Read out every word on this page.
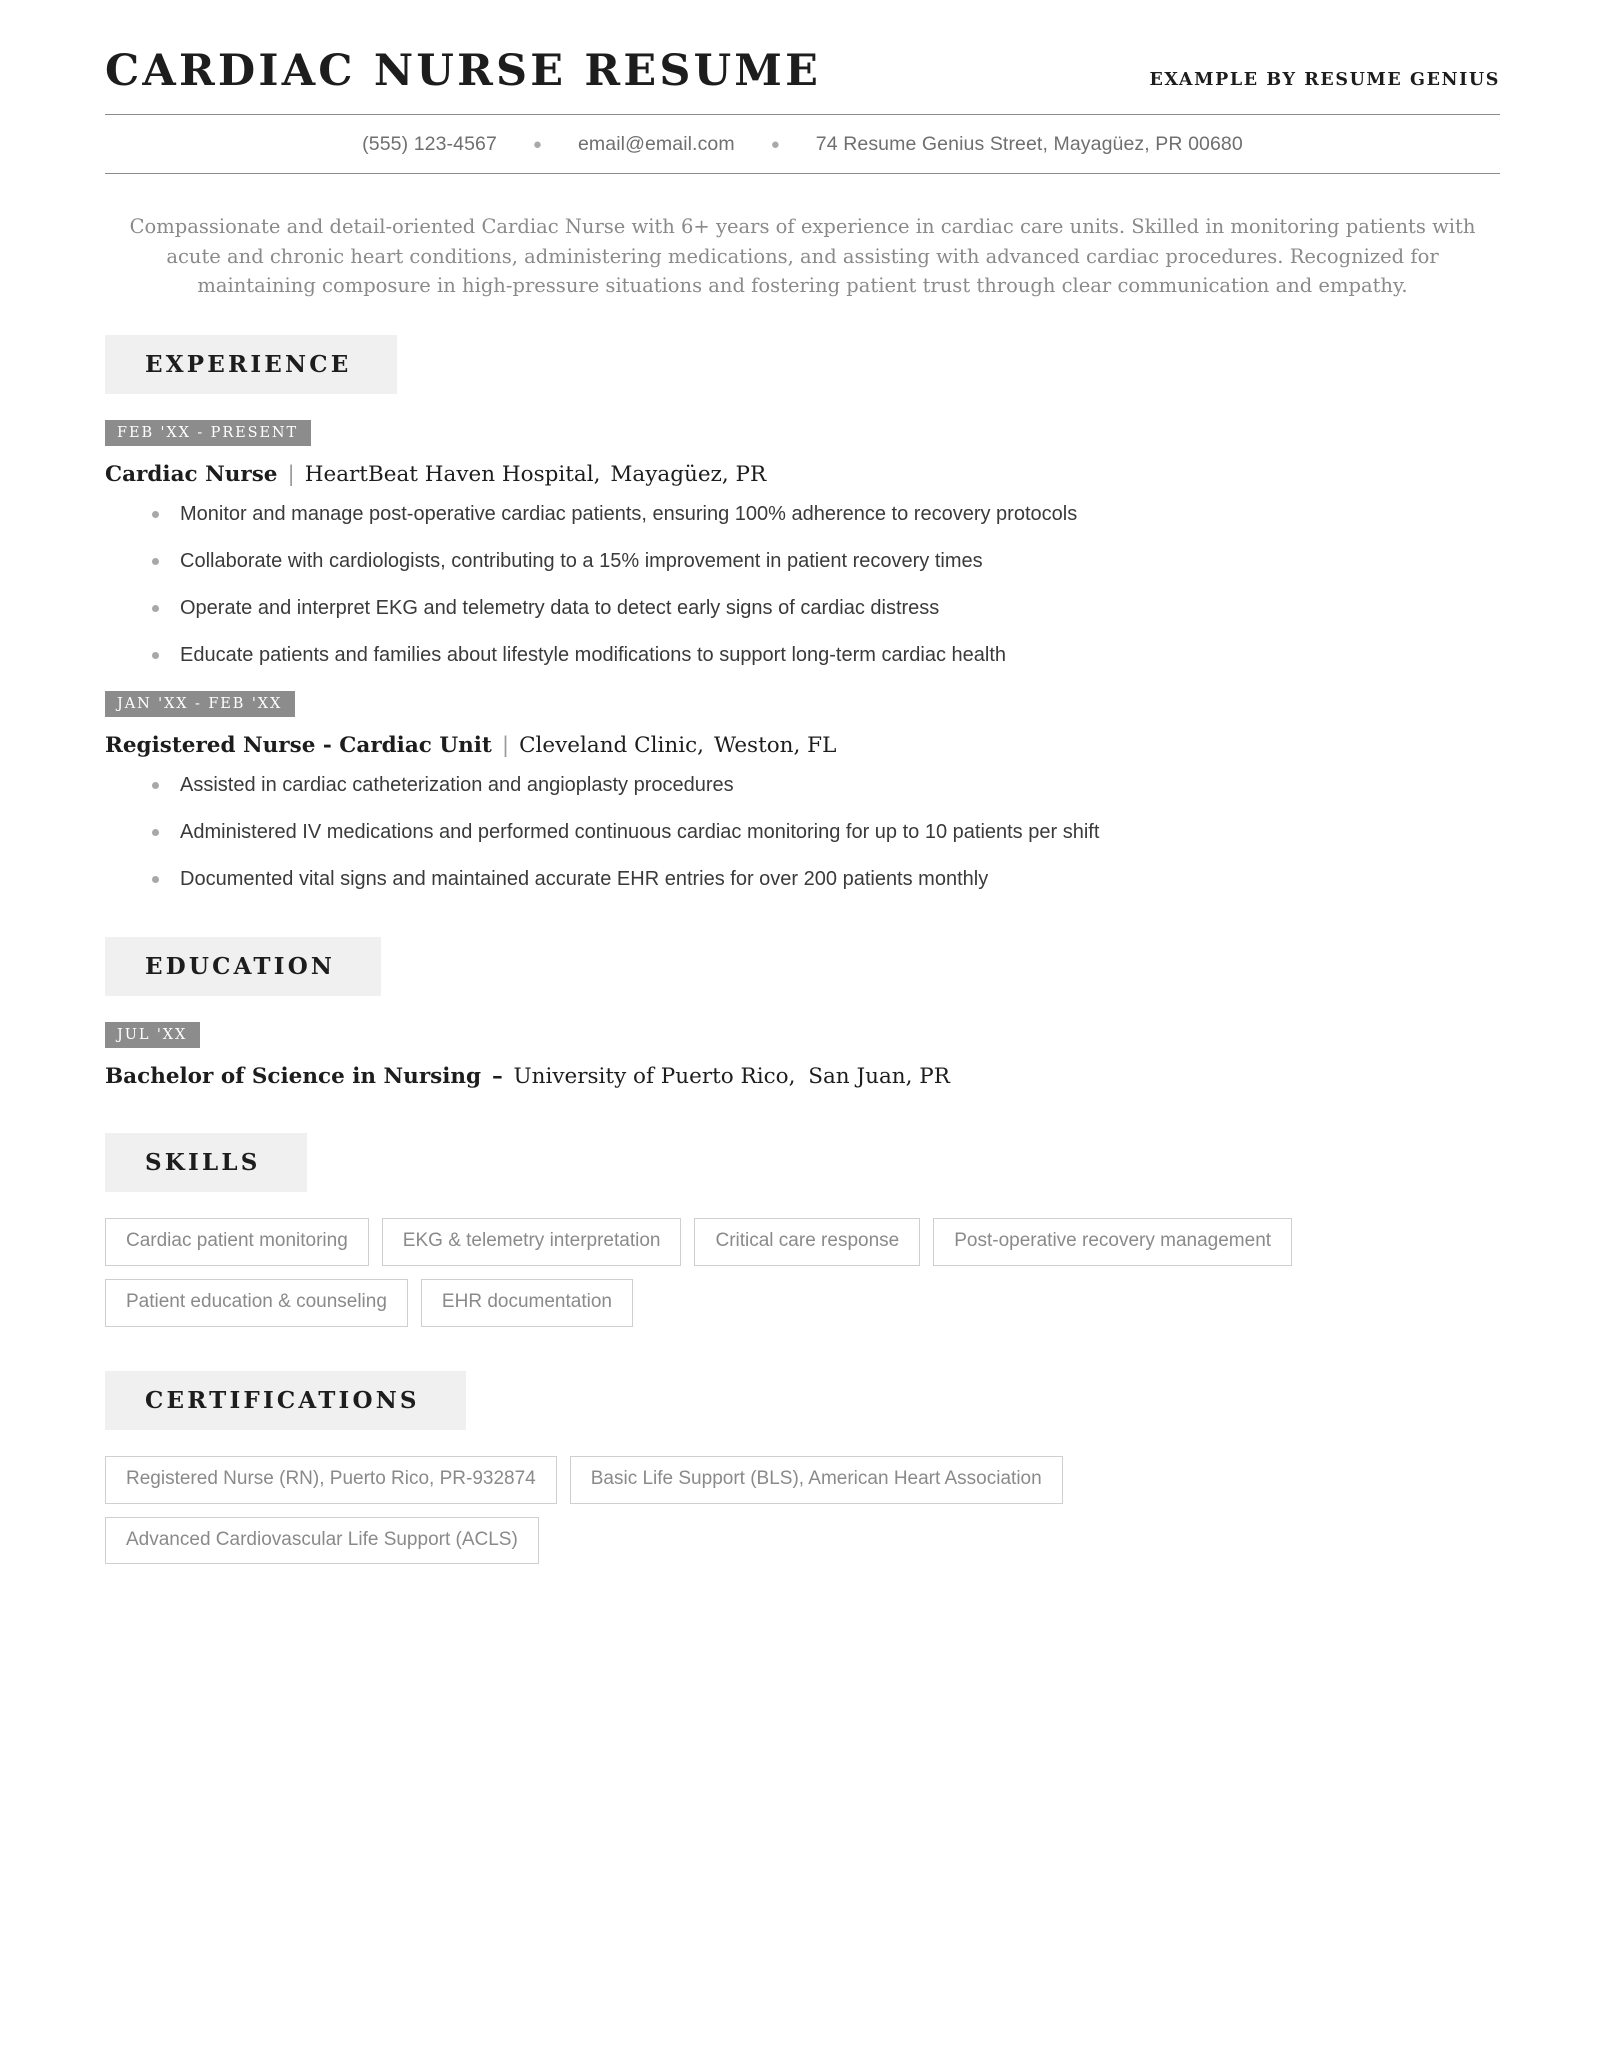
CARDIAC NURSE RESUME	EXAMPLE BY RESUME GENIUS
(555) 123-4567	●	email@email.com	●	74 Resume Genius Street, Mayagüez, PR 00680
Compassionate and detail-oriented Cardiac Nurse with 6+ years of experience in cardiac care units. Skilled in monitoring patients with acute and chronic heart conditions, administering medications, and assisting with advanced cardiac procedures. Recognized for maintaining composure in high-pressure situations and fostering patient trust through clear communication and empathy.
EXPERIENCE
FEB 'XX - PRESENT
Cardiac Nurse | HeartBeat Haven Hospital, Mayagüez, PR
Monitor and manage post-operative cardiac patients, ensuring 100% adherence to recovery protocols
Collaborate with cardiologists, contributing to a 15% improvement in patient recovery times
Operate and interpret EKG and telemetry data to detect early signs of cardiac distress
Educate patients and families about lifestyle modifications to support long-term cardiac health
JAN 'XX - FEB 'XX
Registered Nurse - Cardiac Unit | Cleveland Clinic, Weston, FL
Assisted in cardiac catheterization and angioplasty procedures
Administered IV medications and performed continuous cardiac monitoring for up to 10 patients per shift
Documented vital signs and maintained accurate EHR entries for over 200 patients monthly
EDUCATION
JUL 'XX
Bachelor of Science in Nursing – University of Puerto Rico, San Juan, PR
SKILLS
Cardiac patient monitoring	EKG & telemetry interpretation	Critical care response	Post-operative recovery management
Patient education & counseling	EHR documentation
CERTIFICATIONS
Registered Nurse (RN), Puerto Rico, PR-932874	Basic Life Support (BLS), American Heart Association
Advanced Cardiovascular Life Support (ACLS)
